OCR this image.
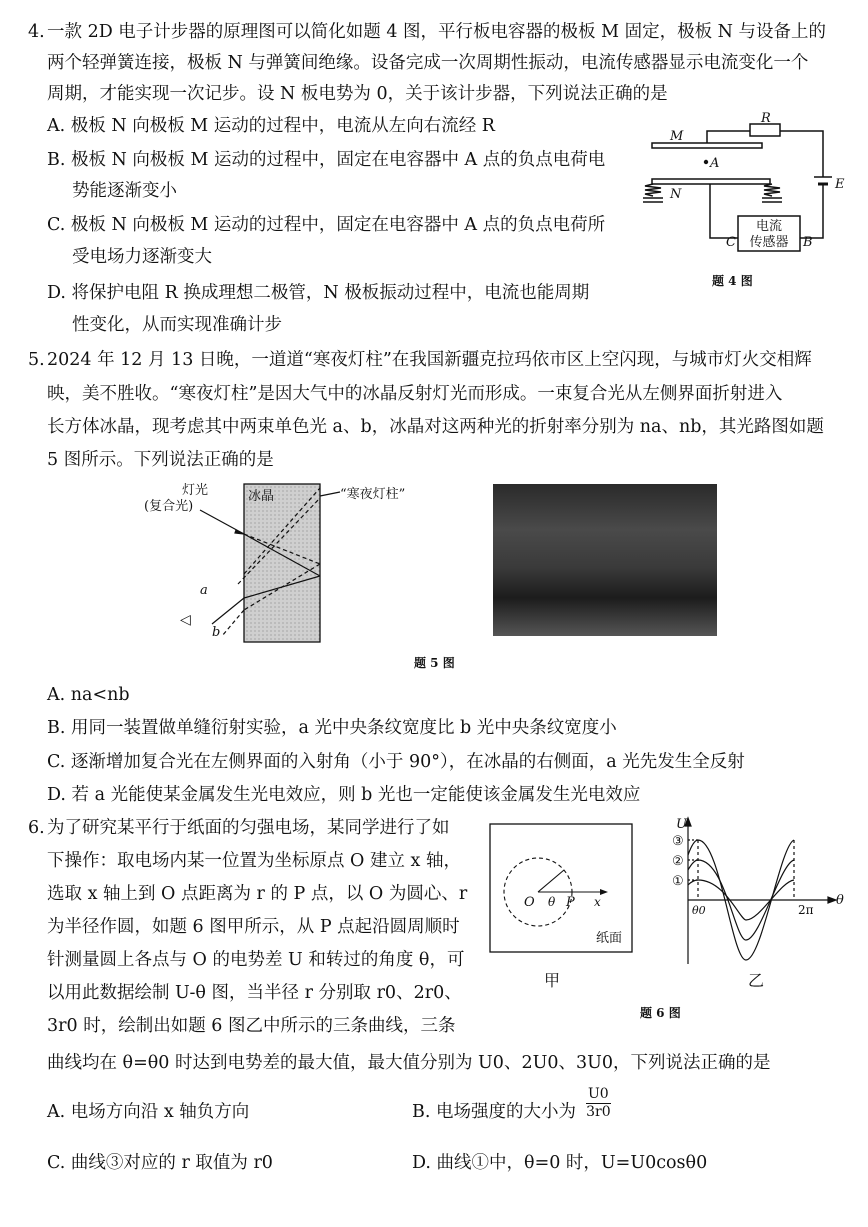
4. 一款 2D 电子计步器的原理图可以简化如题 4 图，平行板电容器的极板 M 固定，极板 N 与设备上的
两个轻弹簧连接，极板 N 与弹簧间绝缘。设备完成一次周期性振动，电流传感器显示电流变化一个
周期，才能实现一次记步。设 N 板电势为 0，关于该计步器，下列说法正确的是
A. 极板 N 向极板 M 运动的过程中，电流从左向右流经 R
B. 极板 N 向极板 M 运动的过程中，固定在电容器中 A 点的负点电荷电
势能逐渐变小
C. 极板 N 向极板 M 运动的过程中，固定在电容器中 A 点的负点电荷所
受电场力逐渐变大
D. 将保护电阻 R 换成理想二极管，N 极板振动过程中，电流也能周期
性变化，从而实现准确计步
M
R
A
N
E
电流
传感器
C	B
题 4 图
5. 2024 年 12 月 13 日晚，一道道“寒夜灯柱”在我国新疆克拉玛依市区上空闪现，与城市灯火交相辉
映，美不胜收。“寒夜灯柱”是因大气中的冰晶反射灯光而形成。一束复合光从左侧界面折射进入
长方体冰晶，现考虑其中两束单色光 a、b，冰晶对这两种光的折射率分别为 na、nb，其光路图如题
5 图所示。下列说法正确的是
灯光
(复合光)
冰晶	“寒夜灯柱”
a
b
◁
题 5 图
A. na<nb
B. 用同一装置做单缝衍射实验，a 光中央条纹宽度比 b 光中央条纹宽度小
C. 逐渐增加复合光在左侧界面的入射角（小于 90°），在冰晶的右侧面，a 光先发生全反射
D. 若 a 光能使某金属发生光电效应，则 b 光也一定能使该金属发生光电效应
6. 为了研究某平行于纸面的匀强电场，某同学进行了如
下操作：取电场内某一位置为坐标原点 O 建立 x 轴，
选取 x 轴上到 O 点距离为 r 的 P 点，以 O 为圆心、r
为半径作圆，如题 6 图甲所示，从 P 点起沿圆周顺时
针测量圆上各点与 O 的电势差 U 和转过的角度 θ，可
以用此数据绘制 U-θ 图，当半径 r 分别取 r0、2r0、
3r0 时，绘制出如题 6 图乙中所示的三条曲线，三条
曲线均在 θ=θ0 时达到电势差的最大值，最大值分别为 U0、2U0、3U0，下列说法正确的是
O θ P x
纸面
甲
U
③
②
①
θ0	2π
θ
乙
题 6 图
A. 电场方向沿 x 轴负方向	B. 电场强度的大小为 $\frac{U0}{3r0}$
C. 曲线③对应的 r 取值为 r0	D. 曲线①中，θ=0 时，U=U0cosθ0
